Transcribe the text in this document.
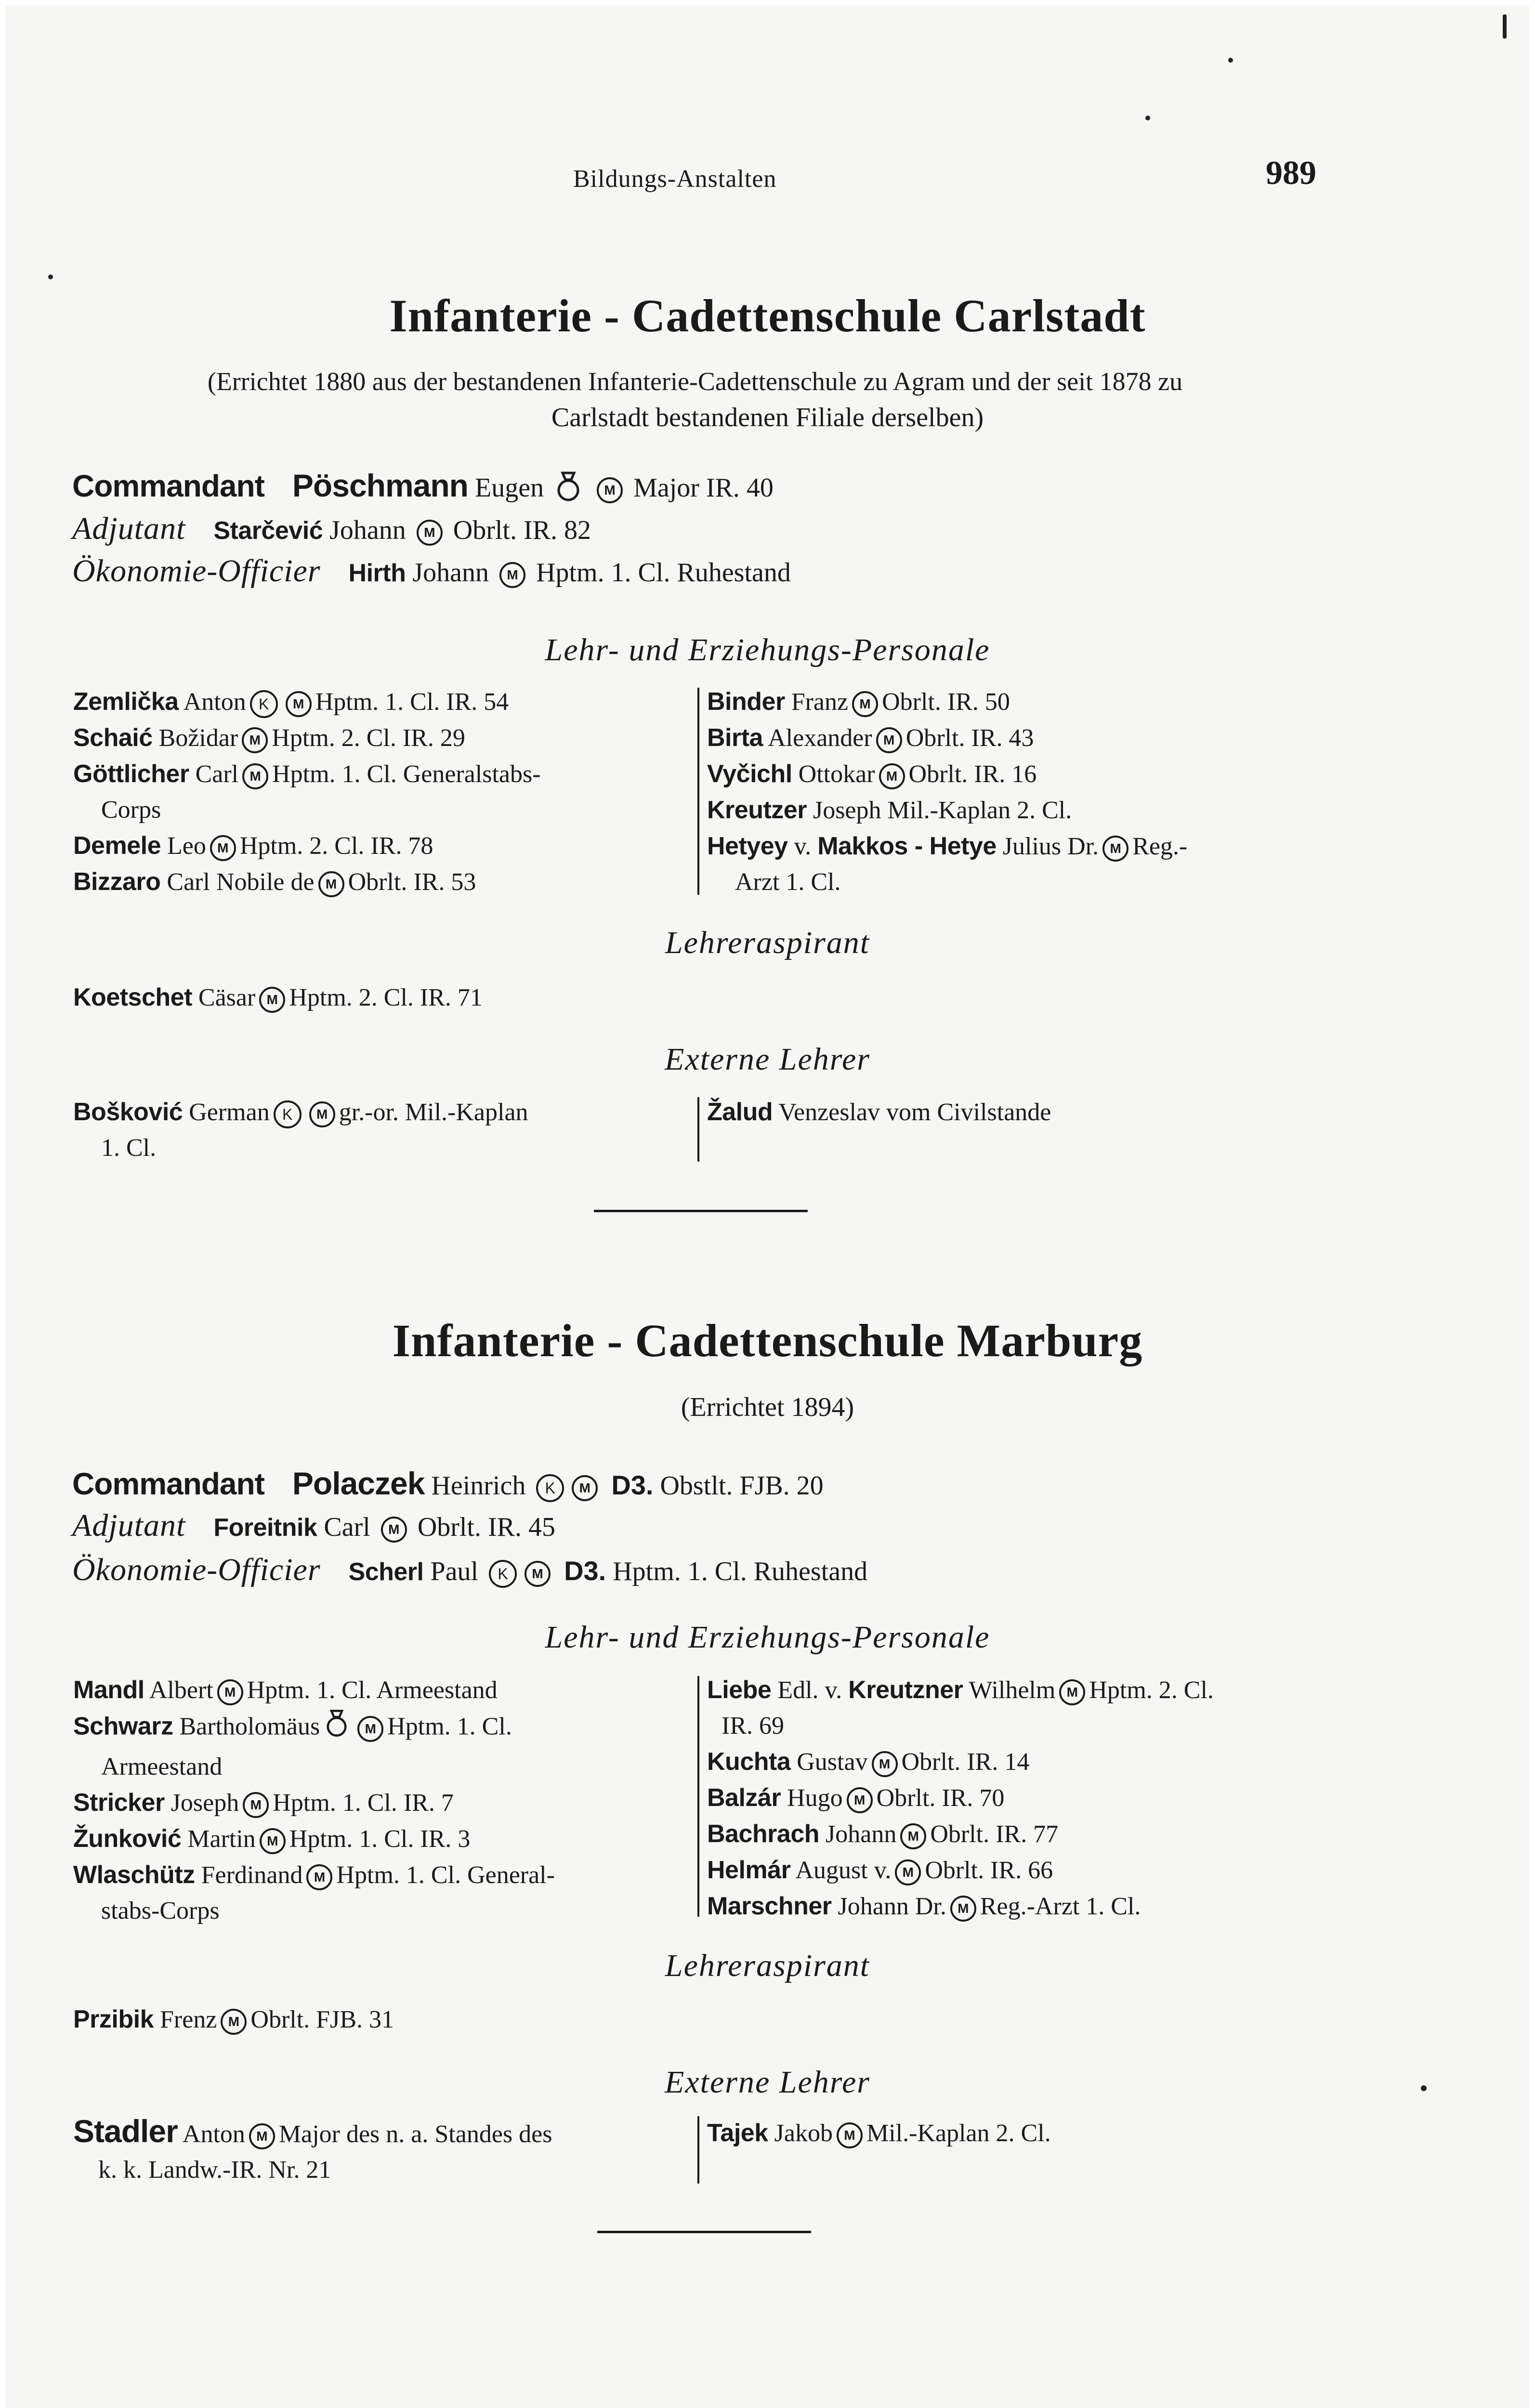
Bildungs-Anstalten	989
Infanterie - Cadettenschule Carlstadt
(Errichtet 1880 aus der bestandenen Infanterie-Cadettenschule zu Agram und der seit 1878 zu
Carlstadt bestandenen Filiale derselben)
Commandant Pöschmann Eugen	M Major IR. 40
Adjutant Starčević Johann M Obrlt. IR. 82
Ökonomie-Officier Hirth Johann M Hptm. 1. Cl. Ruhestand
Lehr- und Erziehungs-Personale
Zemlička Anton K M Hptm. 1. Cl. IR. 54
Schaić Božidar M Hptm. 2. Cl. IR. 29
Göttlicher Carl M Hptm. 1. Cl. Generalstabs-
Corps
Demele Leo M Hptm. 2. Cl. IR. 78
Bizzaro Carl Nobile de M Obrlt. IR. 53
Binder Franz M Obrlt. IR. 50
Birta Alexander M Obrlt. IR. 43
Vyčichl Ottokar M Obrlt. IR. 16
Kreutzer Joseph Mil.-Kaplan 2. Cl.
Hetyey v. Makkos - Hetye Julius Dr. M Reg.-
Arzt 1. Cl.
Lehreraspirant
Koetschet Cäsar M Hptm. 2. Cl. IR. 71
Externe Lehrer
Bošković German K M gr.-or. Mil.-Kaplan
1. Cl.
Žalud Venzeslav vom Civilstande
Infanterie - Cadettenschule Marburg
(Errichtet 1894)
Commandant Polaczek Heinrich K M D3. Obstlt. FJB. 20
Adjutant Foreitnik Carl M Obrlt. IR. 45
Ökonomie-Officier Scherl Paul K M D3. Hptm. 1. Cl. Ruhestand
Lehr- und Erziehungs-Personale
Mandl Albert M Hptm. 1. Cl. Armeestand
Schwarz Bartholomäus	M Hptm. 1. Cl.
Armeestand
Stricker Joseph M Hptm. 1. Cl. IR. 7
Žunković Martin M Hptm. 1. Cl. IR. 3
Wlaschütz Ferdinand M Hptm. 1. Cl. General-
stabs-Corps
Liebe Edl. v. Kreutzner Wilhelm M Hptm. 2. Cl.
IR. 69
Kuchta Gustav M Obrlt. IR. 14
Balzár Hugo M Obrlt. IR. 70
Bachrach Johann M Obrlt. IR. 77
Helmár August v. M Obrlt. IR. 66
Marschner Johann Dr. M Reg.-Arzt 1. Cl.
Lehreraspirant
Przibik Frenz M Obrlt. FJB. 31
Externe Lehrer
Stadler Anton M Major des n. a. Standes des
k. k. Landw.-IR. Nr. 21
Tajek Jakob M Mil.-Kaplan 2. Cl.
